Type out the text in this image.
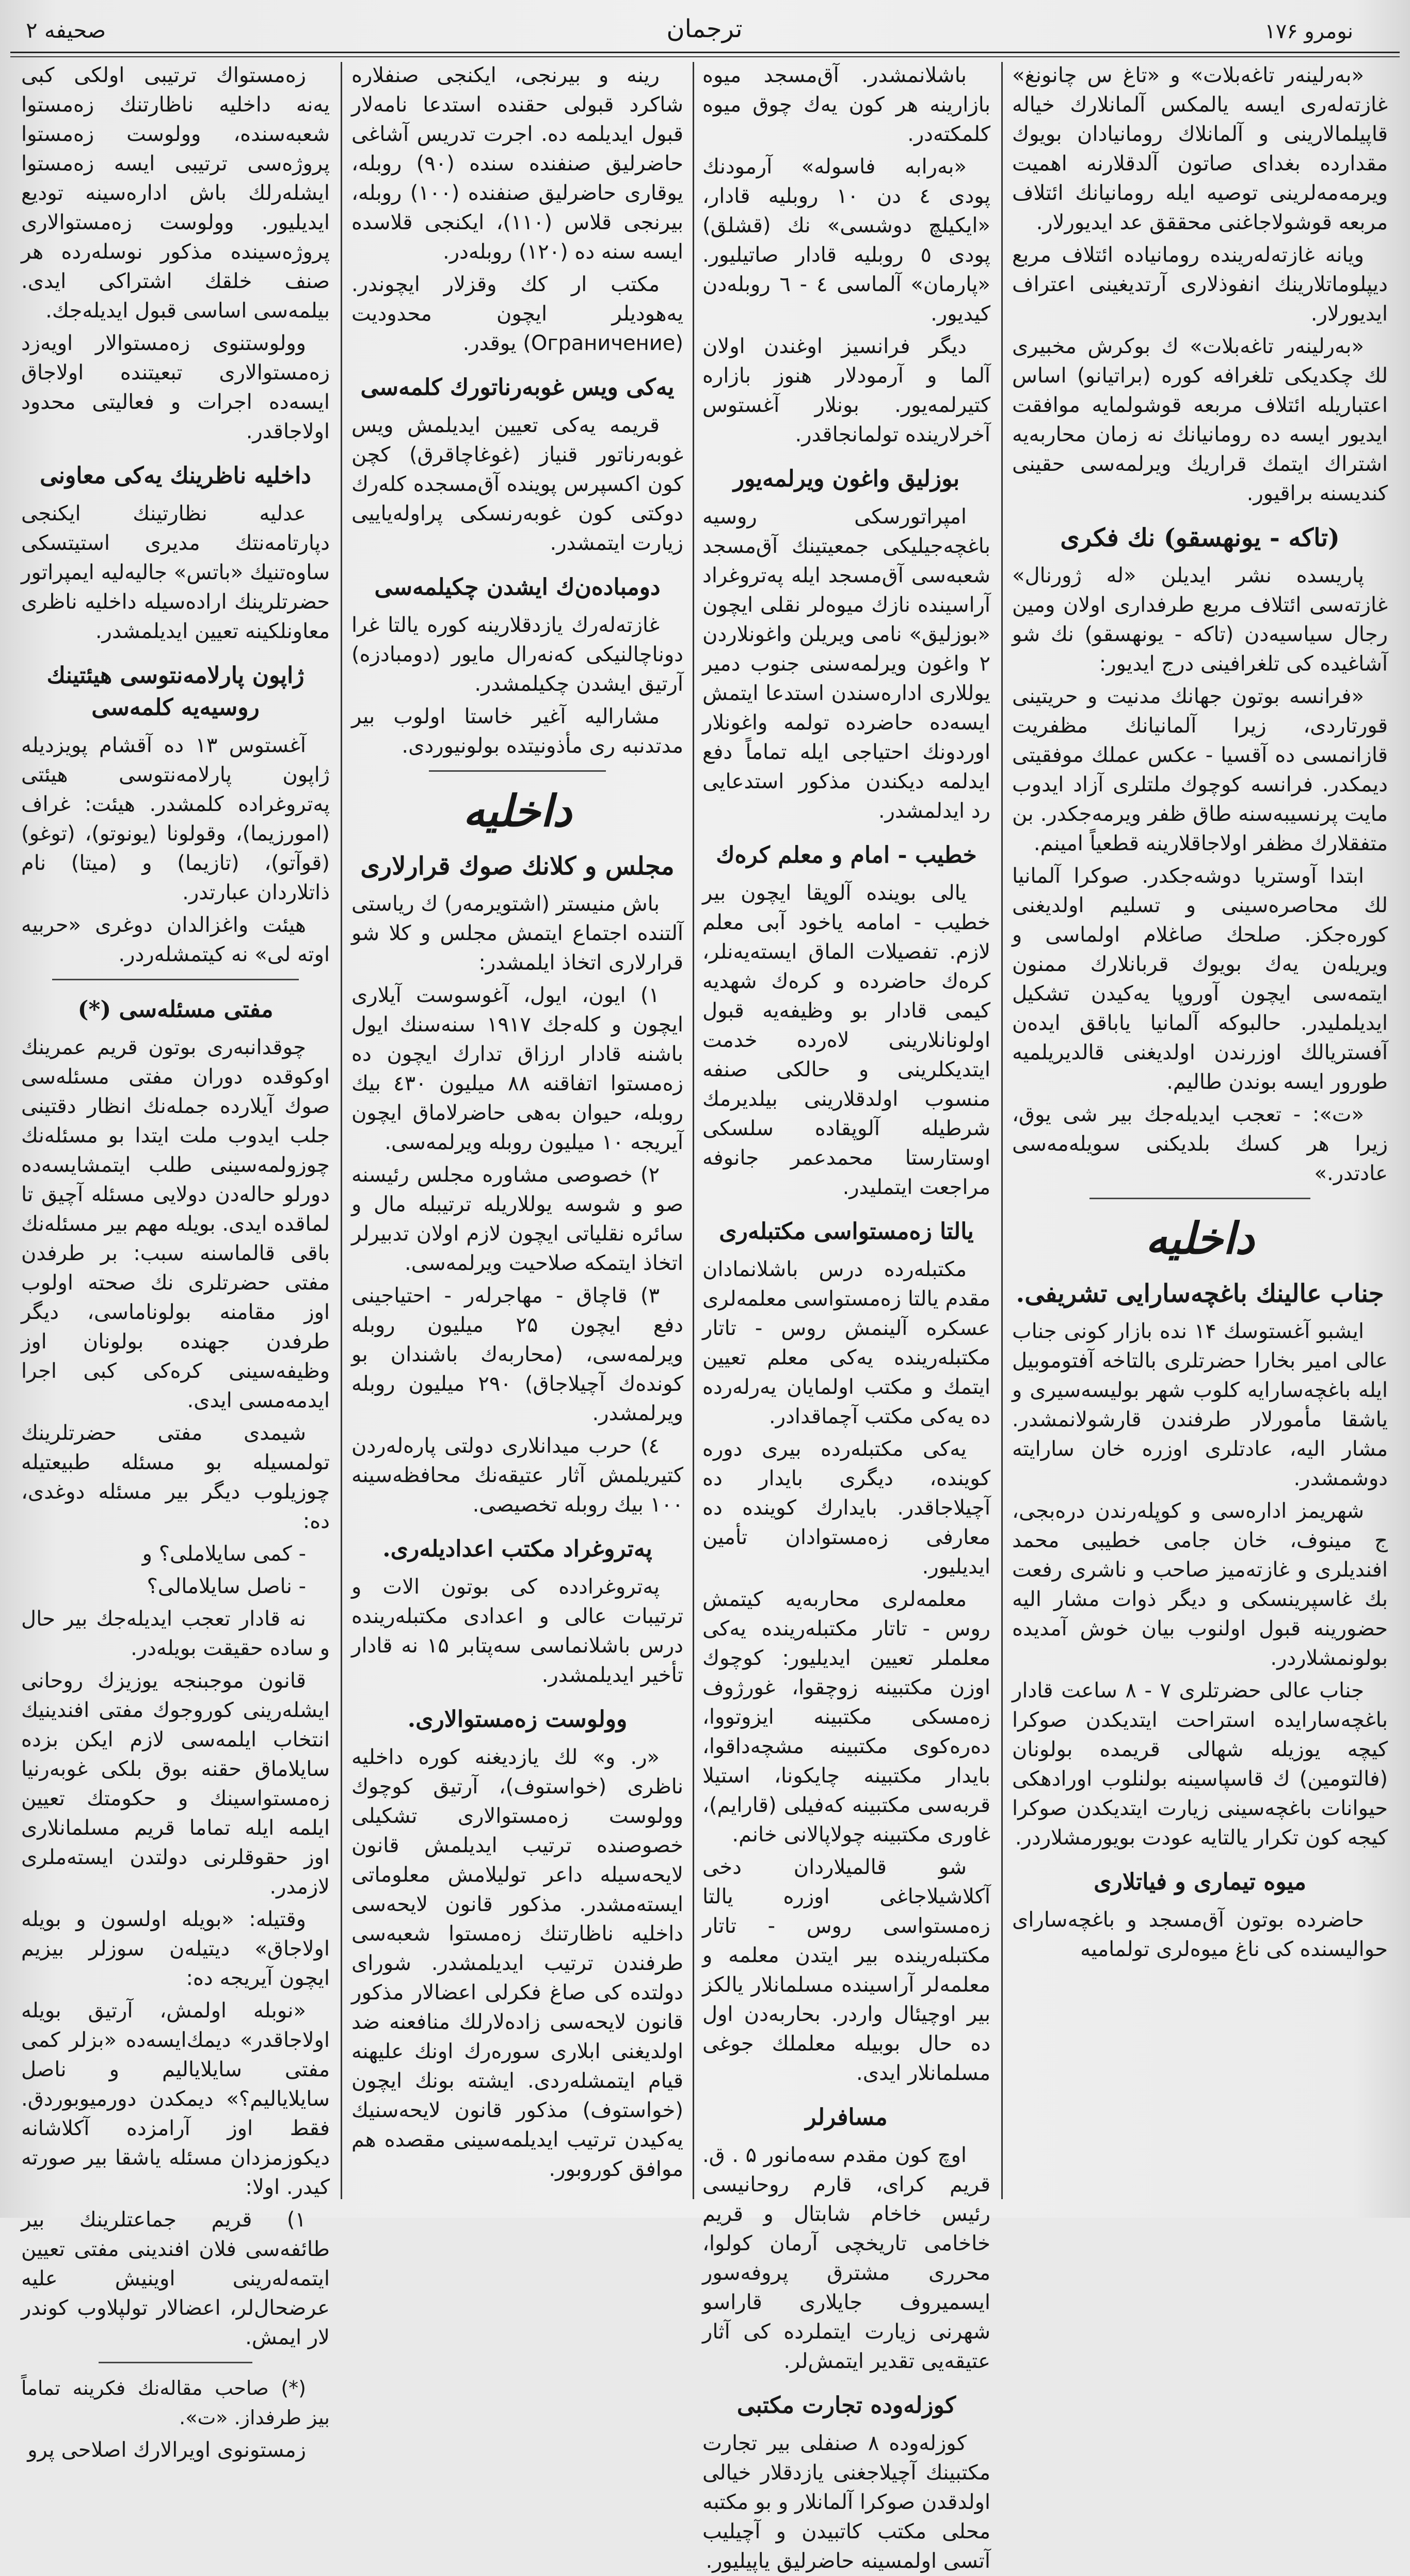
نومرو ۱۷۶
ترجمان
صحیفه ۲

«بەرلینەر تاغەبلات» و «تاغ س چانونغ» غازتەلەری ایسە یالمکس آلمانلارك خیاله قاپیلمالارینی و آلمانلاك رومانیادان بویوك مقدارده بغدای صاتون آلدقلارنه اهمیت ویرمەمەلرینی توصیه ایله رومانیانك ائتلاف مربعه قوشولاجاغنی محققق عد ایدیورلار.

ویانه غازتەلەرینده رومانیاده ائتلاف مربع دیپلوماتلارینك انفوذلاری آرتدیغینی اعتراف ایدیورلار.

«بەرلینەر تاغەبلات» ك بوكرش مخبیری لك چکدیكی تلغرافه كوره (براتیانو) اساس اعتباریله ائتلاف مربعه قوشولمایه موافقت ایدیور ایسه ده رومانیانك نه زمان محاربەیه اشتراك ایتمك قراریك ویرلمەسی حقینی كندیسنه براقیور.

(تاكه - یونهسقو) نك فكری

پاریسده نشر ایدیلن «له ژورنال» غازتەسی ائتلاف مربع طرفداری اولان ومین رجال سیاسیەدن (تاكه - یونهسقو) نك شو آشاغیده كی تلغرافینی درج ایدیور:

«فرانسه بوتون جهانك مدنیت و حریتینی قورتاردی، زیرا آلمانیانك مظفریت قازانمسی ده آقسیا - عكس عملك موفقیتی دیمكدر. فرانسه كوچوك ملتلری آزاد ایدوب مایت پرنسیبەسنه طاق ظفر ویرمەجكدر. بن متفقلارك مظفر اولاجاقلارینه قطعیاً امینم.

ابتدا آوستریا دوشەجكدر. صوكرا آلمانیا لك محاصرەسینی و تسلیم اولدیغنی كورەجكز. صلحك صاغلام اولماسی و ویریلەن یەك بویوك قربانلارك ممنون ایتمەسی ایچون آوروپا یەكیدن تشكیل ایدیلملیدر. حالبوكه آلمانیا یاباقق ایدەن آفستریالك اوزرندن اولدیغنی قالدیریلمیه طورور ایسه بوندن طالیم.

«ت»: - تعجب ایدیلەجك بیر شی یوق، زیرا هر كسك بلدیكنی سویلەمەسی عادتدر.»

داخلیه
جناب عالینك باغچەسارایی تشریفی.

ایشبو آغستوسك ۱۴ نده بازار كونی جناب عالی امیر بخارا حضرتلری بالتاخه آفتوموبیل ایله باغچەسارایه كلوب شهر بولیسەسیری و یاشقا مأمورلار طرفندن قارشولانمشدر. مشار الیه، عادتلری اوزره خان سارایته دوشمشدر.

شهریمز ادارەسی و كوپلەرندن درەبجی، ج مینوف، خان جامی خطیبی محمد افندیلری و غازتەمیز صاحب و ناشری رفعت بك غاسپرینسكی و دیگر ذوات مشار الیه حضورینه قبول اولنوب بیان خوش آمدیده بولونمشلاردر.

جناب عالی حضرتلری ۷ - ۸ ساعت قادار باغچەسارایده استراحت ایتدیكدن صوكرا كیچه یوزیله شهالی قریمده بولونان (فالتومین) ك قاسپاسینه بولنلوب اورادهكی حیوانات باغچەسینی زیارت ایتدیكدن صوكرا كیجه كون تكرار یالتایه عودت بویورمشلاردر.

میوه تیماری و فیاتلاری

حاضرده بوتون آق‌مسجد و باغچەسارای حوالیسنده كی ناغ میوەلری تولمامیه

باشلانمشدر. آق‌مسجد میوه بازارینه هر كون یەك چوق میوه كلمكتەدر.

«بەرابه فاسولە» آرمودنك پودی ٤ دن ۱۰ روبلیه قادار، «ایكیلچ دوشسی» نك (قشلق) پودی ٥ روبلیه قادار صاتیلیور. «پارمان» آلماسی ٤ - ٦ روبلەدن كیدیور.

دیگر فرانسیز اوغندن اولان آلما و آرمودلار هنوز بازاره كتیرلمەیور. بونلار آغستوس آخرلارینده تولمانجاقدر.

بوزلیق واغون ویرلمەیور

امپراتورسكی روسیه باغچه‌جیلیكی جمعیتینك آق‌مسجد شعبەسی آق‌مسجد ایله پەتروغراد آراسینده نازك میوەلر نقلی ایچون «بوزلیق» نامی ویریلن واغونلاردن ۲ واغون ویرلمەسنی جنوب دمیر یوللاری ادارەسندن استدعا ایتمش ایسه‌ده حاضرده تولمه واغونلار اوردونك احتیاجی ایله تماماً دفع ایدلمه دیكندن مذكور استدعایی رد ایدلمشدر.

خطیب - امام و معلم كرەك

یالی بوینده آلوپقا ایچون بیر خطیب - امامه یاخود آبی معلم لازم. تفصیلات الماق ایستەیەنلر، كرەك حاضرده و كرەك شهدیە كیمی قادار بو وظیفەیه قبول اولونانلارینی لاەرده خدمت ایتدیكلرینی و حالكی صنفه منسوب اولدقلارینی بیلدیرمك شرطیله آلوپقاده سلسكی اوستارستا محمد‌عمر جانوفه مراجعت ایتملیدر.

یالتا زەمستواسی مكتبلەری

مكتبلەرده درس باشلانمادان مقدم یالتا زەمستواسی معلمەلری عسكره آلینمش روس - تاتار مكتبلەرینده یەكی معلم تعیین ایتمك و مكتب اولمایان یەرلەرده ده یەكی مكتب آچماقدادر.

یەكی مكتبلەرده بیری دوره كوینده، دیگری بایدار ده آچیلاجاقدر. بایدارك كوینده ده معارفی زەمستوادان تأمین ایدیلیور.

معلمەلری محاربەیه كیتمش روس - تاتار مكتبلەرینده یەكی معلملر تعیین ایدیلیور: كوچوك اوزن مكتبینه زوچقوا، غورژوف زەمسكی مكتبینه ایزوتووا، دەرەكوی مكتبینه مشچەداقوا، بایدار مكتبینه چایكونا، استیلا قربەسی مكتبینه كەفیلی (قارایم)، غاوری مكتبینه چولاپالانی خانم.

شو قالمیلاردان دخی آكلاشیلاجاغی اوزره یالتا زەمستواسی روس - تاتار مكتبلەرینده بیر ایتدن معلمه و معلمەلر آراسینده مسلمانلار یالكز بیر اوچیئال واردر. بحاربەدن اول ده حال بوبیله معلملك جوغی مسلمانلار ایدی.

مسافرلر

اوچ كون مقدم سەمانور ۵ . ق. قریم كرای، قارم روحانیسی رئیس خاخام شابتال و قریم خاخامی تاریخچی آرمان كولوا، محرری مشترق پروفه‌سور ایسمیروف جایلاری قاراسو شهرنی زیارت ایتملرده كی آثار عتیقه‌یی تقدیر ایتمش‌لر.

كوزلەوده تجارت مكتبی

كوزلەوده ۸ صنفلی بیر تجارت مكتبینك آچیلاجغنی یازدقلار خیالی اولدقدن صوكرا آلمانلار و بو مكتبه محلی مكتب كاتبیدن و آچیلیب آتسی اولمسینه حاضرلیق یاپیلیور.

رینه و بیرنجی، ایكنجی صنفلاره شاكرد قبولی حقنده استدعا نامەلار قبول ایدیلمه ده. اجرت تدریس آشاغی حاضرلیق صنفنده سنده (۹۰) روبله، یوقاری حاضرلیق صنفنده (۱۰۰) روبله، بیرنجی قلاس (۱۱۰)، ایكنجی قلاسده ایسه سنه ده (۱۲۰) روبله‌در.

مكتب ار كك وقزلار ایچوندر. یەهودیلر ایچون محدودیت (Ограничение) یوقدر.

یەكی ویس غوبەرناتورك كلمەسی

قریمه یەكی تعیین ایدیلمش ویس غوبەرناتور قنیاز (غوغاچاقرق) كچن كون اكسپرس پوینده آق‌مسجده كلەرك دوكتی كون غوبەرنسكی پراولەیاییی زیارت ایتمشدر.

دومبادەن‌ك ایشدن چكیلمەسی

غازتەلەرك یازدقلارینه كوره یالتا غرا دونا‌چالنیكی كەنەرال مایور (دومبادزه) آرتیق ایشدن چكیلمشدر.

مشارالیه آغیر خاستا اولوب بیر مدتدنبه ری مأذونیتده بولونیوردی.

داخلیه
مجلس و كلانك صوك قرارلاری

باش منیستر (اشتویرمەر) ك ریاستی آلتنده اجتماع ایتمش مجلس و كلا شو قرارلاری اتخاذ ایلمشدر:

۱) ایون، ایول، آغوسوست آیلاری ایچون و كلەجك ۱۹۱۷ سنه‌سنك ایول باشنه قادار ارزاق تدارك ایچون ده زەمستوا اتفاقنه ۸۸ میلیون ٤۳۰ بیك روبله، حیوان بەهی حاضرلاماق ایچون آیریجه ۱۰ میلیون روبله ویرلمەسی.

۲) خصوصی مشاوره مجلس رئیسنه صو و شوسه یوللاریله ترتیبله مال و سائره نقلیاتی ایچون لازم اولان تدبیرلر اتخاذ ایتمكه صلاحیت ویرلمەسی.

۳) قاچاق - مهاجرلەر - احتیاجینی دفع ایچون ۲۵ میلیون روبله ویرلمەسی، (محاربەك باشندان بو كوندەك آچیلاجاق) ۲۹۰ میلیون روبله ویرلمشدر.

٤) حرب میدانلاری دولتی پارەلەردن كتیریلمش آثار عتیقەنك محافظه‌سینه ۱۰۰ بیك روبله تخصیصی.

پەتروغراد مكتب اعدادیلەری.

پەتروغرادده كی بوتون الات و ترتیبات عالی و اعدادی مكتبلەرینده درس باشلانماسی سەپتابر ۱۵ نه قادار تأخیر ایدیلمشدر.

وولوست زەمستوالاری.

«ر. و» لك یازدیغنه كوره داخلیه ناظری (خواستوف)، آرتیق كوچوك وولوست زەمستوالاری تشكیلی خصوصنده ترتیب ایدیلمش قانون لایحەسیله داعر تولیلامش معلوماتی ایستەمشدر. مذكور قانون لایحەسی داخلیه ناظارتنك زەمستوا شعبەسی طرفندن ترتیب ایدیلمشدر. شورای دولتده كی صاغ فكرلی اعضالار مذكور قانون لایحەسی زادە‌لارلك منافعنه ضد اولدیغنی ابلاری سورەرك اونك علیهنه قیام ایتمشلەردی. ایشته بونك ایچون (خواستوف) مذكور قانون لایحەسنیك یەكیدن ترتیب ایدیلمەسینی مقصده هم موافق كوروبور.

زەمستواك ترتیبی اولكی كبی یەنه داخلیه ناظارتنك زەمستوا شعبەسنده، وولوست زەمستوا پروژەسی ترتیبی ایسه زەمستوا ایشلەرلك باش ادارەسینه تودیع ایدیلیور. وولوست زەمستوالاری پروژەسینده مذكور نوسلەرده هر صنف خلقك اشتراكی ایدی. بیلمەسی اساسی قبول ایدیلەجك.

وولوستنوی زەمستوالار اویەزد زەمستوالاری تبعیتنده اولاجاق ایسه‌ده اجرات و فعالیتی محدود اولاجاقدر.

داخلیه ناظرینك یەكی معاونی

عدلیه نظارتینك ایكنجی دپارتامەنتك مدیری استیتسكی ساوه‌تنیك «باتس» جالیەلیه ایمپراتور حضرتلرینك اراده‌سیله داخلیه ناظری معاونلكینه تعیین ایدیلمشدر.

ژاپون پارلامەنتوسی هیئتینك روسیه‌یه كلمەسی

آغستوس ۱۳ ده آقشام پویزدیله ژاپون پارلامەنتوسی هیئتی پەتروغراده كلمشدر. هیئت: غراف (امورزیما)، وقولونا (یونوتو)، (توغو) (قوآتو)، (تازیما) و (میتا) نام ذاتلاردان عبارتدر.

هیئت واغزالدان دوغری «حربیه اوتە لی» نه كیتمشلەردر.

مفتی مسئلەسی (*)

چوقدانبەری بوتون قریم عمرینك اوكوقده دوران مفتی مسئلەسی صوك آیلارده جملەنك انظار دقتینی جلب ایدوب ملت ایتدا بو مسئلەنك چوزولمەسینی طلب ایتمشایسەده دورلو حالەدن دولایی مسئله آچیق تا لماقده ایدی. بویله مهم بیر مسئلەنك باقی قالماسنه سبب: بر طرفدن مفتی حضرتلری نك صحته اولوب اوز مقامنه بولوناماسی، دیگر طرفدن جهنده بولونان اوز وظیفه‌سینی كره‌كی كبی اجرا ایدمه‌مسی ایدی.

شیمدی مفتی حضرتلرینك تولمسیله بو مسئله طبیعتیله چوزیلوب دیگر بیر مسئله دوغدی، ده:

- كمی سایلاملی؟ و

- ناصل سایلامالی؟

نه قادار تعجب ایدیلەجك بیر حال و ساده حقیقت بویلە‌در.

قانون موجبنجه یوزیزك روحانی ایشله‌رینی كوروجوك مفتی افندینیك انتخاب ایلمه‌سی لازم ایكن بزده سایلاماق حقنه بوق بلكی غوبەرنیا زەمستوا‌سینك و حكومتك تعیین ایلمه ایله تماما قریم مسلمانلاری اوز حقوقلرنی دولتدن ایستەملری لازمدر.

وقتیله: «بویله اولسون و بویله اولاجاق» دیتیلەن سوزلر بیزیم ایچون آیریجه ده:

«نوبله اولمش، آرتیق بویله اولاجاقدر» دیمك‌ایسه‌ده «بزلر كمی مفتی سایلایالیم و ناصل سایلایالیم؟» دیمكدن دورمیوبوردق. فقط اوز آرامزده آكلاشانه دیكوزمزدان مسئله یاشقا بیر صورته كیدر. اولا:

۱) قریم جماعتلرینك بیر طائفه‌سی فلان افندینی مفتی تعیین ایتمەلەرینی اوینیش علیه عرضحال‌لر، اعضالار تولپلاوب كوندر لار ایمش.

(*) صاحب مقالەنك فكرینه تماماً بیز طرفداز. «ت».

زمستونوی اویرالارك اصلاحی پرو
